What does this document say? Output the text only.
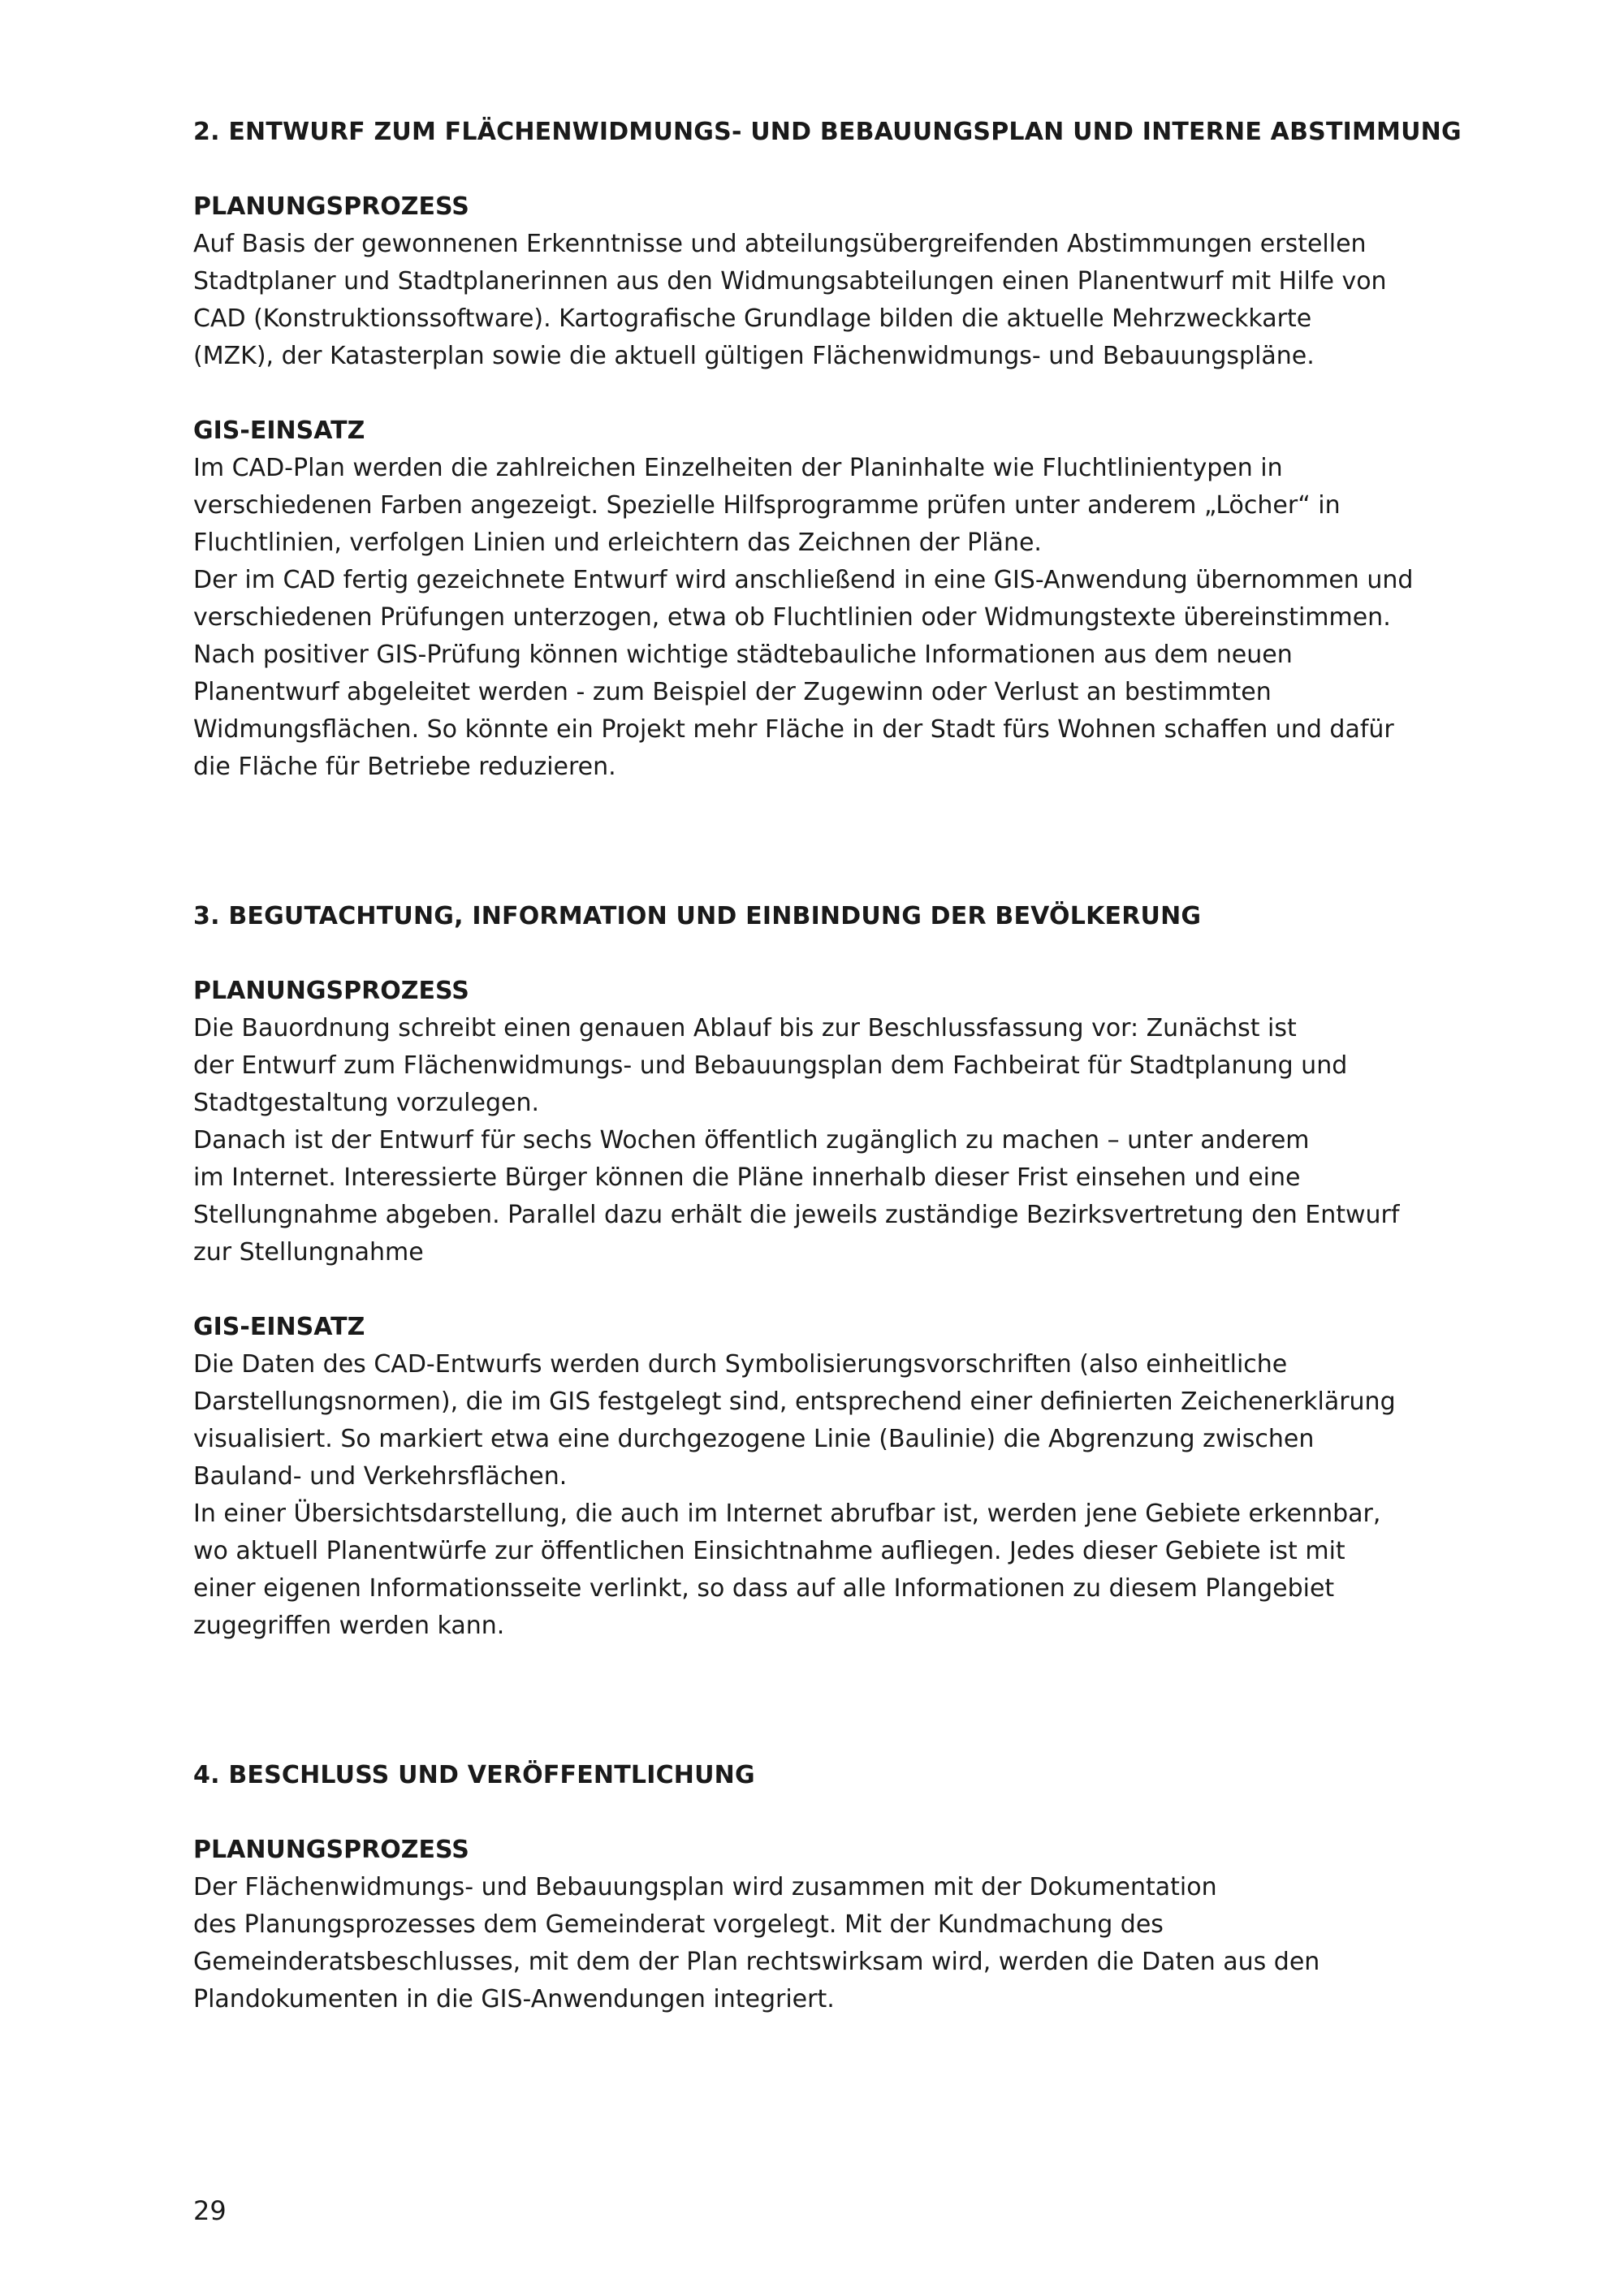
2. ENTWURF ZUM FLÄCHENWIDMUNGS- UND BEBAUUNGSPLAN UND INTERNE ABSTIMMUNG
PLANUNGSPROZESS

Auf Basis der gewonnenen Erkenntnisse und abteilungsübergreifenden Abstimmungen erstellen

Stadtplaner und Stadtplanerinnen aus den Widmungsabteilungen einen Planentwurf mit Hilfe von

CAD (Konstruktionssoftware). Kartografische Grundlage bilden die aktuelle Mehrzweckkarte

(MZK), der Katasterplan sowie die aktuell gültigen Flächenwidmungs- und Bebauungspläne.

GIS-EINSATZ

Im CAD-Plan werden die zahlreichen Einzelheiten der Planinhalte wie Fluchtlinientypen in

verschiedenen Farben angezeigt. Spezielle Hilfsprogramme prüfen unter anderem „Löcher“ in

Fluchtlinien, verfolgen Linien und erleichtern das Zeichnen der Pläne.

Der im CAD fertig gezeichnete Entwurf wird anschließend in eine GIS-Anwendung übernommen und

verschiedenen Prüfungen unterzogen, etwa ob Fluchtlinien oder Widmungstexte übereinstimmen.

Nach positiver GIS-Prüfung können wichtige städtebauliche Informationen aus dem neuen

Planentwurf abgeleitet werden - zum Beispiel der Zugewinn oder Verlust an bestimmten

Widmungsflächen. So könnte ein Projekt mehr Fläche in der Stadt fürs Wohnen schaffen und dafür

die Fläche für Betriebe reduzieren.

3. BEGUTACHTUNG, INFORMATION UND EINBINDUNG DER BEVÖLKERUNG
PLANUNGSPROZESS

Die Bauordnung schreibt einen genauen Ablauf bis zur Beschlussfassung vor: Zunächst ist

der Entwurf zum Flächenwidmungs- und Bebauungsplan dem Fachbeirat für Stadtplanung und

Stadtgestaltung vorzulegen.

Danach ist der Entwurf für sechs Wochen öffentlich zugänglich zu machen – unter anderem

im Internet. Interessierte Bürger können die Pläne innerhalb dieser Frist einsehen und eine

Stellungnahme abgeben. Parallel dazu erhält die jeweils zuständige Bezirksvertretung den Entwurf

zur Stellungnahme

GIS-EINSATZ

Die Daten des CAD-Entwurfs werden durch Symbolisierungsvorschriften (also einheitliche

Darstellungsnormen), die im GIS festgelegt sind, entsprechend einer definierten Zeichenerklärung

visualisiert. So markiert etwa eine durchgezogene Linie (Baulinie) die Abgrenzung zwischen

Bauland- und Verkehrsflächen.

In einer Übersichtsdarstellung, die auch im Internet abrufbar ist, werden jene Gebiete erkennbar,

wo aktuell Planentwürfe zur öffentlichen Einsichtnahme aufliegen. Jedes dieser Gebiete ist mit

einer eigenen Informationsseite verlinkt, so dass auf alle Informationen zu diesem Plangebiet

zugegriffen werden kann.

4. BESCHLUSS UND VERÖFFENTLICHUNG
PLANUNGSPROZESS

Der Flächenwidmungs- und Bebauungsplan wird zusammen mit der Dokumentation

des Planungsprozesses dem Gemeinderat vorgelegt. Mit der Kundmachung des

Gemeinderatsbeschlusses, mit dem der Plan rechtswirksam wird, werden die Daten aus den

Plandokumenten in die GIS-Anwendungen integriert.

29
